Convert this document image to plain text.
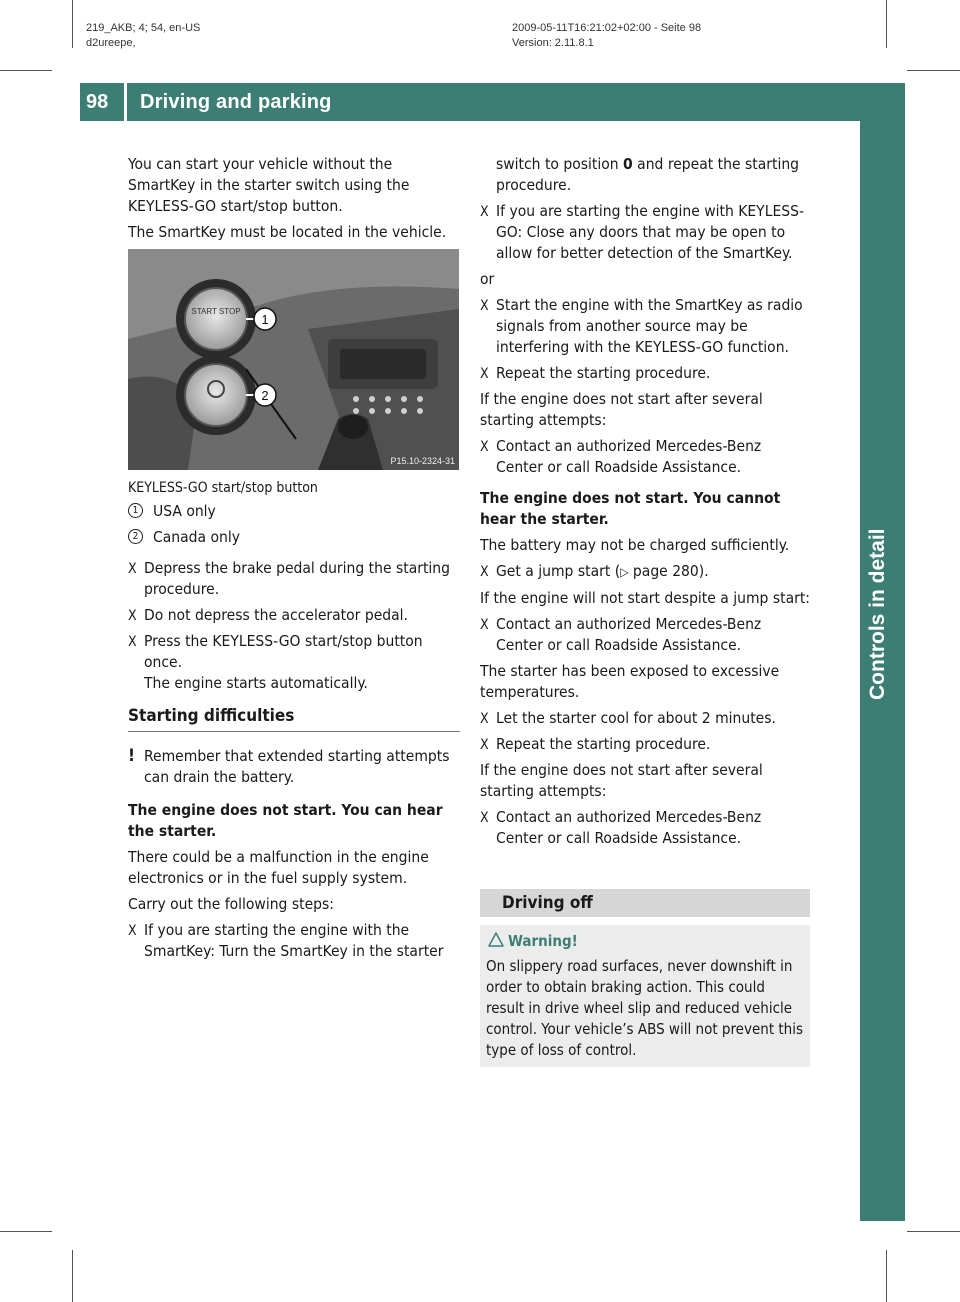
219_AKB; 4; 54, en-US
d2ureepe,
2009-05-11T16:21:02+02:00 - Seite 98
Version: 2.11.8.1
98 Driving and parking
Controls in detail

You can start your vehicle without the SmartKey in the starter switch using the KEYLESS-GO start/stop button.

The SmartKey must be located in the vehicle.

START STOP
1
2
P15.10-2324-31
KEYLESS-GO start/stop button
1 USA only
2 Canada only
X Depress the brake pedal during the starting procedure.
X Do not depress the accelerator pedal.
X Press the KEYLESS-GO start/stop button once.
The engine starts automatically.
Starting difficulties
! Remember that extended starting attempts can drain the battery.

The engine does not start. You can hear the starter.

There could be a malfunction in the engine electronics or in the fuel supply system.

Carry out the following steps:

X If you are starting the engine with the SmartKey: Turn the SmartKey in the starter
switch to position 0 and repeat the starting procedure.
X If you are starting the engine with KEYLESS-GO: Close any doors that may be open to allow for better detection of the SmartKey.

or

X Start the engine with the SmartKey as radio signals from another source may be interfering with the KEYLESS-GO function.
X Repeat the starting procedure.

If the engine does not start after several starting attempts:

X Contact an authorized Mercedes-Benz Center or call Roadside Assistance.

The engine does not start. You cannot hear the starter.

The battery may not be charged sufficiently.

X Get a jump start (▷ page 280).

If the engine will not start despite a jump start:

X Contact an authorized Mercedes-Benz Center or call Roadside Assistance.

The starter has been exposed to excessive temperatures.

X Let the starter cool for about 2 minutes.
X Repeat the starting procedure.

If the engine does not start after several starting attempts:

X Contact an authorized Mercedes-Benz Center or call Roadside Assistance.
Driving off
Warning!
On slippery road surfaces, never downshift in order to obtain braking action. This could result in drive wheel slip and reduced vehicle control. Your vehicle’s ABS will not prevent this type of loss of control.
